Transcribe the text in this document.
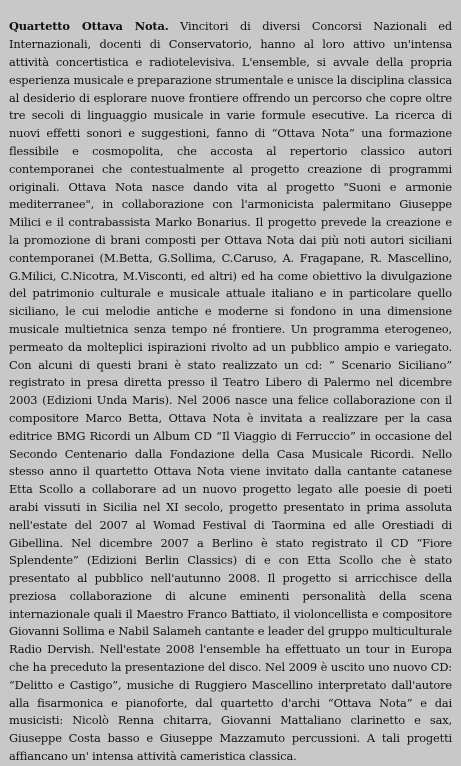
Quartetto Ottava Nota. Vincitori di diversi Concorsi Nazionali ed Internazionali, docenti di Conservatorio, hanno al loro attivo un'intensa attività concertistica e radiotelevisiva. L'ensemble, si avvale della propria esperienza musicale e preparazione strumentale e unisce la disciplina classica al desiderio di esplorare nuove frontiere offrendo un percorso che copre oltre tre secoli di linguaggio musicale in varie formule esecutive. La ricerca di nuovi effetti sonori e suggestioni, fanno di “Ottava Nota” una formazione flessibile e cosmopolita, che accosta al repertorio classico autori contemporanei che contestualmente al progetto creazione di programmi originali. Ottava Nota nasce dando vita al progetto "Suoni e armonie mediterranee", in collaborazione con l'armonicista palermitano Giuseppe Milici e il contrabassista Marko Bonarius. Il progetto prevede la creazione e la promozione di brani composti per Ottava Nota dai più noti autori siciliani contemporanei (M.Betta, G.Sollima, C.Caruso, A. Fragapane, R. Mascellino, G.Milici, C.Nicotra, M.Visconti, ed altri) ed ha come obiettivo la divulgazione del patrimonio culturale e musicale attuale italiano e in particolare quello siciliano, le cui melodie antiche e moderne si fondono in una dimensione musicale multietnica senza tempo né frontiere. Un programma eterogeneo, permeato da molteplici ispirazioni rivolto ad un pubblico ampio e variegato. Con alcuni di questi brani è stato realizzato un cd: ” Scenario Siciliano” registrato in presa diretta presso il Teatro Libero di Palermo nel dicembre 2003 (Edizioni Unda Maris). Nel 2006 nasce una felice collaborazione con il compositore Marco Betta, Ottava Nota è invitata a realizzare per la casa editrice BMG Ricordi un Album CD “Il Viaggio di Ferruccio” in occasione del Secondo Centenario dalla Fondazione della Casa Musicale Ricordi. Nello stesso anno il quartetto Ottava Nota viene invitato dalla cantante catanese Etta Scollo a collaborare ad un nuovo progetto legato alle poesie di poeti arabi vissuti in Sicilia nel XI secolo, progetto presentato in prima assoluta nell'estate del 2007 al Womad Festival di Taormina ed alle Orestiadi di Gibellina. Nel dicembre 2007 a Berlino è stato registrato il CD “Fiore Splendente” (Edizioni Berlin Classics) di e con Etta Scollo che è stato presentato al pubblico nell'autunno 2008. Il progetto si arricchisce della preziosa collaborazione di alcune eminenti personalità della scena internazionale quali il Maestro Franco Battiato, il violoncellista e compositore Giovanni Sollima e Nabil Salameh cantante e leader del gruppo multiculturale Radio Dervish. Nell'estate 2008 l'ensemble ha effettuato un tour in Europa che ha preceduto la presentazione del disco. Nel 2009 è uscito uno nuovo CD: “Delitto e Castigo”, musiche di Ruggiero Mascellino interpretato dall'autore alla fisarmonica e pianoforte, dal quartetto d'archi “Ottava Nota” e dai musicisti: Nicolò Renna chitarra, Giovanni Mattaliano clarinetto e sax, Giuseppe Costa basso e Giuseppe Mazzamuto percussioni. A tali progetti affiancano un' intensa attività cameristica classica.
